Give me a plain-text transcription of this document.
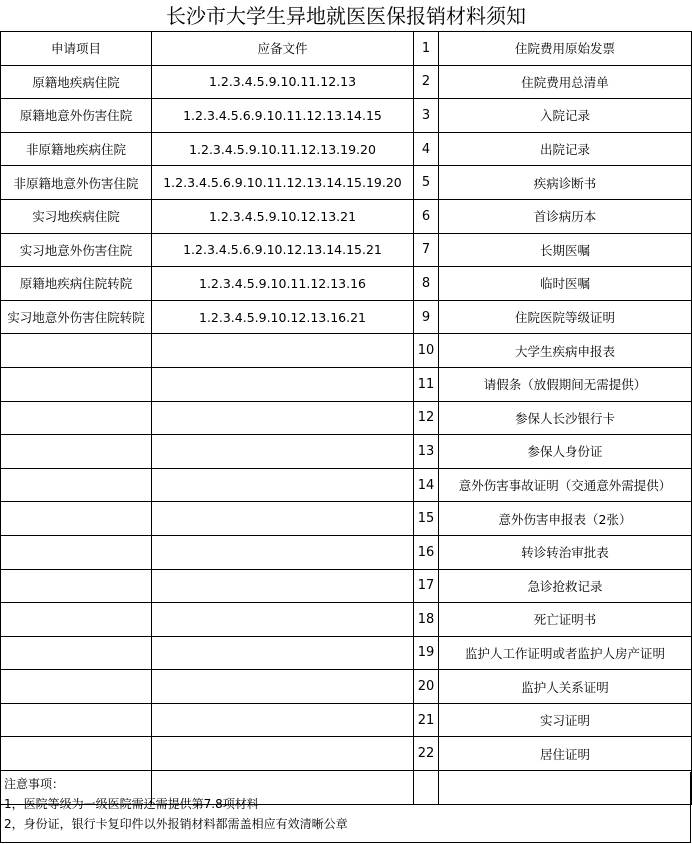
长沙市大学生异地就医医保报销材料须知
申请项目	应备文件	1	住院费用原始发票
原籍地疾病住院	1.2.3.4.5.9.10.11.12.13	2	住院费用总清单
原籍地意外伤害住院	1.2.3.4.5.6.9.10.11.12.13.14.15	3	入院记录
非原籍地疾病住院	1.2.3.4.5.9.10.11.12.13.19.20	4	出院记录
非原籍地意外伤害住院	1.2.3.4.5.6.9.10.11.12.13.14.15.19.20	5	疾病诊断书
实习地疾病住院	1.2.3.4.5.9.10.12.13.21	6	首诊病历本
实习地意外伤害住院	1.2.3.4.5.6.9.10.12.13.14.15.21	7	长期医嘱
原籍地疾病住院转院	1.2.3.4.5.9.10.11.12.13.16	8	临时医嘱
实习地意外伤害住院转院	1.2.3.4.5.9.10.12.13.16.21	9	住院医院等级证明
		10	大学生疾病申报表
		11	请假条（放假期间无需提供）
		12	参保人长沙银行卡
		13	参保人身份证
		14	意外伤害事故证明（交通意外需提供）
		15	意外伤害申报表（2张）
		16	转诊转治审批表
		17	急诊抢救记录
		18	死亡证明书
		19	监护人工作证明或者监护人房产证明
		20	监护人关系证明
		21	实习证明
		22	居住证明

注意事项：
1，医院等级为一级医院需还需提供第7.8项材料
2，身份证，银行卡复印件以外报销材料都需盖相应有效清晰公章
